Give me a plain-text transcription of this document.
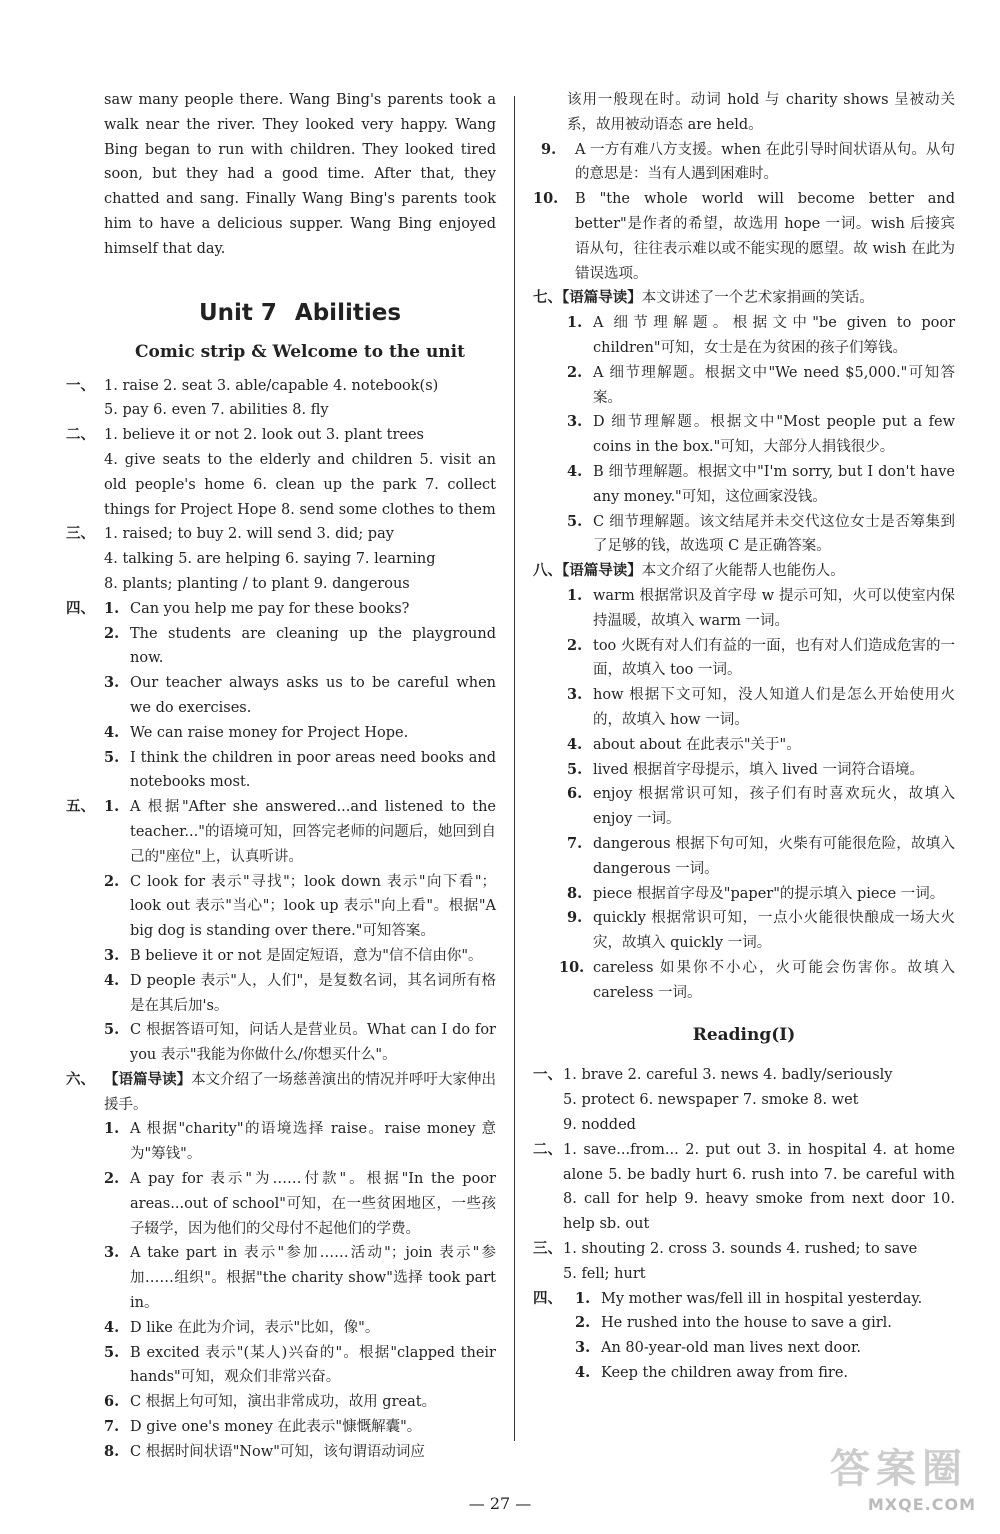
saw many people there. Wang Bing's parents took a walk near the river. They looked very happy. Wang Bing began to run with children. They looked tired soon, but they had a good time. After that, they chatted and sang. Finally Wang Bing's parents took him to have a delicious supper. Wang Bing enjoyed himself that day.

Unit 7 Abilities
Comic strip & Welcome to the unit
一、 1. raise 2. seat 3. able/capable 4. notebook(s)

5. pay 6. even 7. abilities 8. fly

二、 1. believe it or not 2. look out 3. plant trees

4. give seats to the elderly and children 5. visit an old people's home 6. clean up the park 7. collect things for Project Hope 8. send some clothes to them

三、 1. raised; to buy 2. will send 3. did; pay

4. talking 5. are helping 6. saying 7. learning

8. plants; planting / to plant 9. dangerous

四、 1. Can you help me pay for these books?
2. The students are cleaning up the playground now.
3. Our teacher always asks us to be careful when we do exercises.
4. We can raise money for Project Hope.
5. I think the children in poor areas need books and notebooks most.
五、 1. A 根据"After she answered...and listened to the teacher..."的语境可知，回答完老师的问题后，她回到自己的"座位"上，认真听讲。
2. C look for 表示"寻找"；look down 表示"向下看"；look out 表示"当心"；look up 表示"向上看"。根据"A big dog is standing over there."可知答案。
3. B believe it or not 是固定短语，意为"信不信由你"。
4. D people 表示"人，人们"，是复数名词，其名词所有格是在其后加's。
5. C 根据答语可知，问话人是营业员。What can I do for you 表示"我能为你做什么/你想买什么"。
六、 【语篇导读】本文介绍了一场慈善演出的情况并呼吁大家伸出援手。

1. A 根据"charity"的语境选择 raise。raise money 意为"筹钱"。
2. A pay for 表示"为……付款"。根据"In the poor areas...out of school"可知，在一些贫困地区，一些孩子辍学，因为他们的父母付不起他们的学费。
3. A take part in 表示"参加……活动"；join 表示"参加……组织"。根据"the charity show"选择 took part in。
4. D like 在此为介词，表示"比如，像"。
5. B excited 表示"(某人)兴奋的"。根据"clapped their hands"可知，观众们非常兴奋。
6. C 根据上句可知，演出非常成功，故用 great。
7. D give one's money 在此表示"慷慨解囊"。
8. C 根据时间状语"Now"可知，该句谓语动词应

该用一般现在时。动词 hold 与 charity shows 呈被动关系，故用被动语态 are held。

9.	A 一方有难八方支援。when 在此引导时间状语从句。从句的意思是：当有人遇到困难时。
10.	B "the whole world will become better and better"是作者的希望，故选用 hope 一词。wish 后接宾语从句，往往表示难以或不能实现的愿望。故 wish 在此为错误选项。

七、【语篇导读】本文讲述了一个艺术家捐画的笑话。

1. A 细节理解题。根据文中"be given to poor children"可知，女士是在为贫困的孩子们筹钱。
2. A 细节理解题。根据文中"We need $5,000."可知答案。
3. D 细节理解题。根据文中"Most people put a few coins in the box."可知，大部分人捐钱很少。
4. B 细节理解题。根据文中"I'm sorry, but I don't have any money."可知，这位画家没钱。
5. C 细节理解题。该文结尾并未交代这位女士是否筹集到了足够的钱，故选项 C 是正确答案。

八、【语篇导读】本文介绍了火能帮人也能伤人。

1. warm 根据常识及首字母 w 提示可知，火可以使室内保持温暖，故填入 warm 一词。
2. too 火既有对人们有益的一面，也有对人们造成危害的一面，故填入 too 一词。
3. how 根据下文可知，没人知道人们是怎么开始使用火的，故填入 how 一词。
4. about about 在此表示"关于"。
5. lived 根据首字母提示，填入 lived 一词符合语境。
6. enjoy 根据常识可知，孩子们有时喜欢玩火，故填入 enjoy 一词。
7. dangerous 根据下句可知，火柴有可能很危险，故填入 dangerous 一词。
8. piece 根据首字母及"paper"的提示填入 piece 一词。
9. quickly 根据常识可知，一点小火能很快酿成一场大火灾，故填入 quickly 一词。
10. careless 如果你不小心，火可能会伤害你。故填入 careless 一词。
Reading(Ⅰ)
一、 1. brave 2. careful 3. news 4. badly/seriously

5. protect 6. newspaper 7. smoke 8. wet

9. nodded

二、 1. save...from... 2. put out 3. in hospital 4. at home alone 5. be badly hurt 6. rush into 7. be careful with 8. call for help 9. heavy smoke from next door 10. help sb. out

三、 1. shouting 2. cross 3. sounds 4. rushed; to save

5. fell; hurt

四、 1. My mother was/fell ill in hospital yesterday.
2. He rushed into the house to save a girl.
3. An 80-year-old man lives next door.
4. Keep the children away from fire.
— 27 —
答案圈
MXQE.COM
